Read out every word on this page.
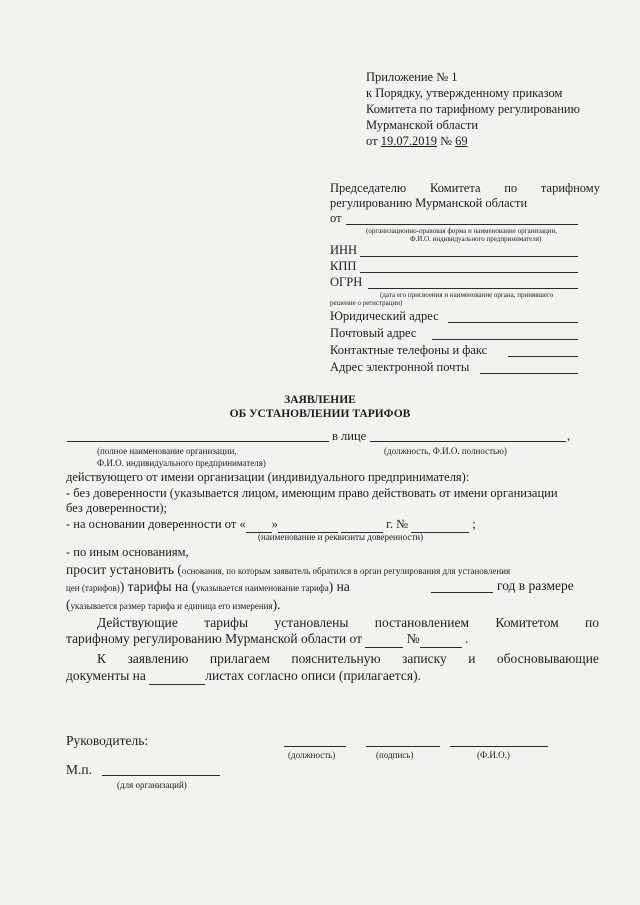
Приложение № 1
к Порядку, утвержденному приказом
Комитета по тарифному регулированию
Мурманской области
от 19.07.2019 № 69
Председателю Комитета по тарифному
регулированию Мурманской области
от
(организационно-правовая форма и наименование организации,
Ф.И.О. индивидуального предпринимателя)
ИНН
КПП
ОГРН
(дата его присвоения и наименование органа, принявшего
решение о регистрации)
Юридический адрес
Почтовый адрес
Контактные телефоны и факс
Адрес электронной почты
ЗАЯВЛЕНИЕ
ОБ УСТАНОВЛЕНИИ ТАРИФОВ
в лице	,
(полное наименование организации,
Ф.И.О. индивидуального предпринимателя)
(должность, Ф.И.О. полностью)
действующего от имени организации (индивидуального предпринимателя):
- без доверенности (указывается лицом, имеющим право действовать от имени организации
без доверенности);
- на основании доверенности от « »	г. №	;
(наименование и реквизиты доверенности)
- по иным основаниям,
просит установить (основания, по которым заявитель обратился в орган регулирования для установления
цен (тарифов)) тарифы на (указывается наименование тарифа) на	год в размере
(указывается размер тарифа и единица его измерения).
Действующие тарифы установлены постановлением Комитетом по
тарифному регулированию Мурманской области от	№	.
К заявлению прилагаем пояснительную записку и обосновывающие
документы на	листах согласно описи (прилагается).
Руководитель:
(должность)	(подпись)	(Ф.И.О.)
М.п.
(для организаций)
